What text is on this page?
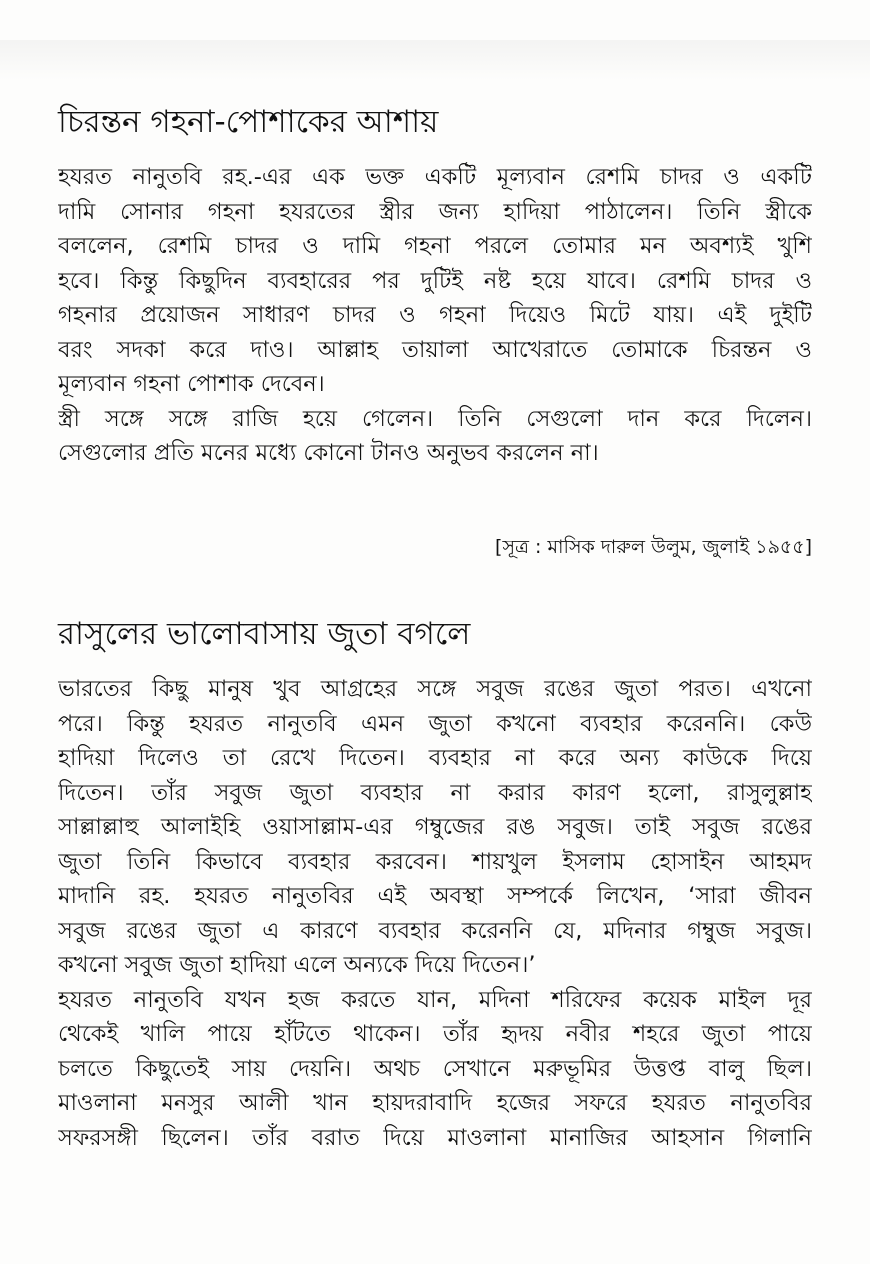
চিরন্তন গহনা-পোশাকের আশায়
হযরত নানুতবি রহ.-এর এক ভক্ত একটি মূল্যবান রেশমি চাদর ও একটি
দামি সোনার গহনা হযরতের স্ত্রীর জন্য হাদিয়া পাঠালেন। তিনি স্ত্রীকে
বললেন, রেশমি চাদর ও দামি গহনা পরলে তোমার মন অবশ্যই খুশি
হবে। কিন্তু কিছুদিন ব্যবহারের পর দুটিই নষ্ট হয়ে যাবে। রেশমি চাদর ও
গহনার প্রয়োজন সাধারণ চাদর ও গহনা দিয়েও মিটে যায়। এই দুইটি
বরং সদকা করে দাও। আল্লাহ তায়ালা আখেরাতে তোমাকে চিরন্তন ও
মূল্যবান গহনা পোশাক দেবেন।
স্ত্রী সঙ্গে সঙ্গে রাজি হয়ে গেলেন। তিনি সেগুলো দান করে দিলেন।
সেগুলোর প্রতি মনের মধ্যে কোনো টানও অনুভব করলেন না।
[সূত্র : মাসিক দারুল উলুম, জুলাই ১৯৫৫]
রাসুলের ভালোবাসায় জুতা বগলে
ভারতের কিছু মানুষ খুব আগ্রহের সঙ্গে সবুজ রঙের জুতা পরত। এখনো
পরে। কিন্তু হযরত নানুতবি এমন জুতা কখনো ব্যবহার করেননি। কেউ
হাদিয়া দিলেও তা রেখে দিতেন। ব্যবহার না করে অন্য কাউকে দিয়ে
দিতেন। তাঁর সবুজ জুতা ব্যবহার না করার কারণ হলো, রাসুলুল্লাহ
সাল্লাল্লাহু আলাইহি ওয়াসাল্লাম-এর গম্বুজের রঙ সবুজ। তাই সবুজ রঙের
জুতা তিনি কিভাবে ব্যবহার করবেন। শায়খুল ইসলাম হোসাইন আহমদ
মাদানি রহ. হযরত নানুতবির এই অবস্থা সম্পর্কে লিখেন, ‘সারা জীবন
সবুজ রঙের জুতা এ কারণে ব্যবহার করেননি যে, মদিনার গম্বুজ সবুজ।
কখনো সবুজ জুতা হাদিয়া এলে অন্যকে দিয়ে দিতেন।’
হযরত নানুতবি যখন হজ করতে যান, মদিনা শরিফের কয়েক মাইল দূর
থেকেই খালি পায়ে হাঁটতে থাকেন। তাঁর হৃদয় নবীর শহরে জুতা পায়ে
চলতে কিছুতেই সায় দেয়নি। অথচ সেখানে মরুভূমির উত্তপ্ত বালু ছিল।
মাওলানা মনসুর আলী খান হায়দরাবাদি হজের সফরে হযরত নানুতবির
সফরসঙ্গী ছিলেন। তাঁর বরাত দিয়ে মাওলানা মানাজির আহসান গিলানি
